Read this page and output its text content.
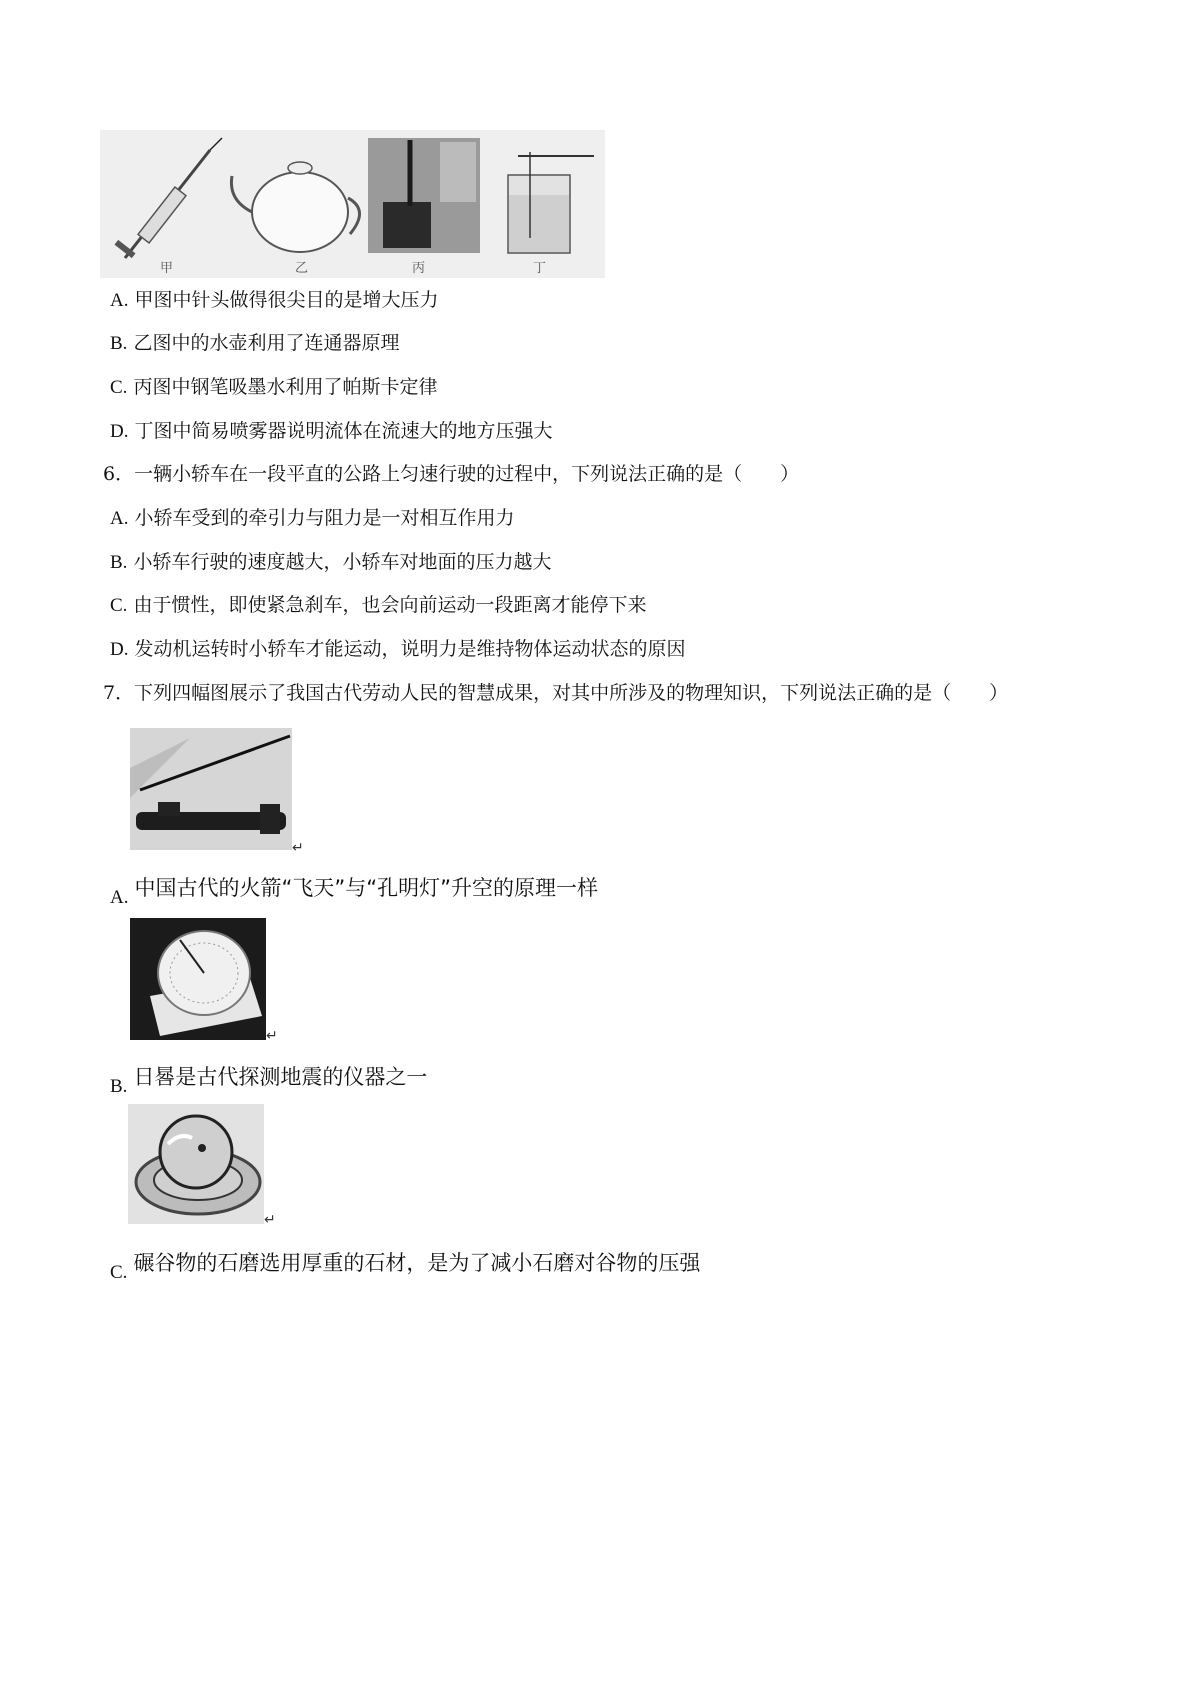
甲	乙	丙	丁
A. 甲图中针头做得很尖目的是增大压力
B. 乙图中的水壶利用了连通器原理
C. 丙图中钢笔吸墨水利用了帕斯卡定律
D. 丁图中简易喷雾器说明流体在流速大的地方压强大
6．一辆小轿车在一段平直的公路上匀速行驶的过程中，下列说法正确的是（　　）
A. 小轿车受到的牵引力与阻力是一对相互作用力
B. 小轿车行驶的速度越大，小轿车对地面的压力越大
C. 由于惯性，即使紧急刹车，也会向前运动一段距离才能停下来
D. 发动机运转时小轿车才能运动，说明力是维持物体运动状态的原因
7．下列四幅图展示了我国古代劳动人民的智慧成果，对其中所涉及的物理知识，下列说法正确的是（　　）
↵
A. 中国古代的火箭“飞天”与“孔明灯”升空的原理一样
↵
B. 日晷是古代探测地震的仪器之一
↵
C. 碾谷物的石磨选用厚重的石材，是为了减小石磨对谷物的压强
